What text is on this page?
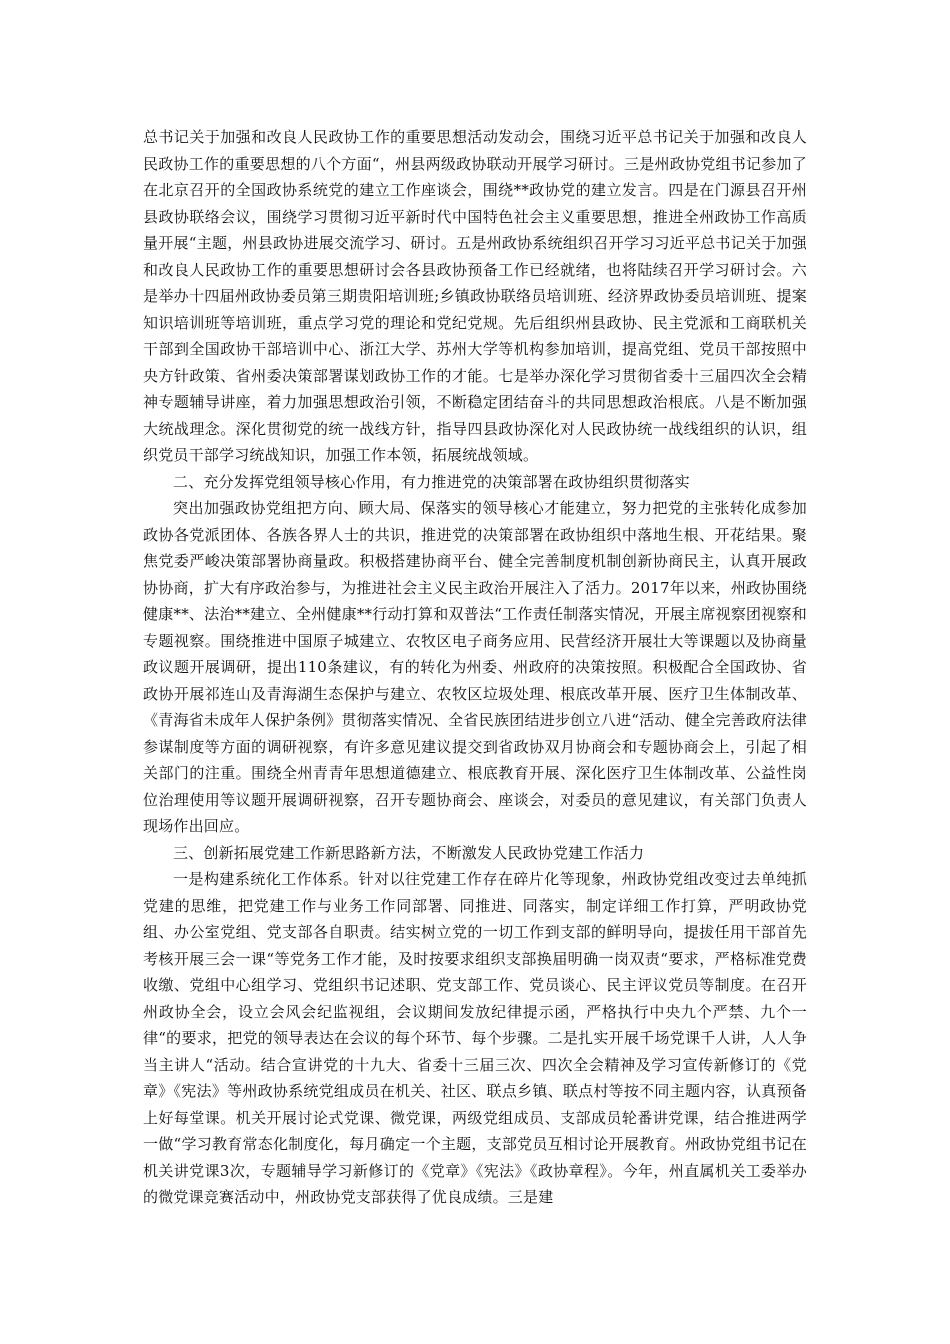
总书记关于加强和改良人民政协工作的重要思想活动发动会，围绕习近平总书记关于加强和改良人民政协工作的重要思想的八个方面“，州县两级政协联动开展学习研讨。三是州政协党组书记参加了在北京召开的全国政协系统党的建立工作座谈会，围绕**政协党的建立发言。四是在门源县召开州县政协联络会议，围绕学习贯彻习近平新时代中国特色社会主义重要思想，推进全州政协工作高质量开展“主题，州县政协进展交流学习、研讨。五是州政协系统组织召开学习习近平总书记关于加强和改良人民政协工作的重要思想研讨会各县政协预备工作已经就绪，也将陆续召开学习研讨会。六是举办十四届州政协委员第三期贵阳培训班;乡镇政协联络员培训班、经济界政协委员培训班、提案知识培训班等培训班，重点学习党的理论和党纪党规。先后组织州县政协、民主党派和工商联机关干部到全国政协干部培训中心、浙江大学、苏州大学等机构参加培训，提高党组、党员干部按照中央方针政策、省州委决策部署谋划政协工作的才能。七是举办深化学习贯彻省委十三届四次全会精神专题辅导讲座，着力加强思想政治引领，不断稳定团结奋斗的共同思想政治根底。八是不断加强大统战理念。深化贯彻党的统一战线方针，指导四县政协深化对人民政协统一战线组织的认识，组织党员干部学习统战知识，加强工作本领，拓展统战领域。

二、充分发挥党组领导核心作用，有力推进党的决策部署在政协组织贯彻落实

突出加强政协党组把方向、顾大局、保落实的领导核心才能建立，努力把党的主张转化成参加政协各党派团体、各族各界人士的共识，推进党的决策部署在政协组织中落地生根、开花结果。聚焦党委严峻决策部署协商量政。积极搭建协商平台、健全完善制度机制创新协商民主，认真开展政协协商，扩大有序政治参与，为推进社会主义民主政治开展注入了活力。2017年以来，州政协围绕健康**、法治**建立、全州健康**行动打算和双普法“工作责任制落实情况，开展主席视察团视察和专题视察。围绕推进中国原子城建立、农牧区电子商务应用、民营经济开展壮大等课题以及协商量政议题开展调研，提出110条建议，有的转化为州委、州政府的决策按照。积极配合全国政协、省政协开展祁连山及青海湖生态保护与建立、农牧区垃圾处理、根底改革开展、医疗卫生体制改革、《青海省未成年人保护条例》贯彻落实情况、全省民族团结进步创立八进“活动、健全完善政府法律参谋制度等方面的调研视察，有许多意见建议提交到省政协双月协商会和专题协商会上，引起了相关部门的注重。围绕全州青青年思想道德建立、根底教育开展、深化医疗卫生体制改革、公益性岗位治理使用等议题开展调研视察，召开专题协商会、座谈会，对委员的意见建议，有关部门负责人现场作出回应。

三、创新拓展党建工作新思路新方法，不断激发人民政协党建工作活力

一是构建系统化工作体系。针对以往党建工作存在碎片化等现象，州政协党组改变过去单纯抓党建的思维，把党建工作与业务工作同部署、同推进、同落实，制定详细工作打算，严明政协党组、办公室党组、党支部各自职责。结实树立党的一切工作到支部的鲜明导向，提拔任用干部首先考核开展三会一课“等党务工作才能，及时按要求组织支部换届明确一岗双责“要求，严格标准党费收缴、党组中心组学习、党组织书记述职、党支部工作、党员谈心、民主评议党员等制度。在召开州政协全会，设立会风会纪监视组，会议期间发放纪律提示函，严格执行中央九个严禁、九个一律“的要求，把党的领导表达在会议的每个环节、每个步骤。二是扎实开展千场党课千人讲，人人争当主讲人“活动。结合宣讲党的十九大、省委十三届三次、四次全会精神及学习宣传新修订的《党章》《宪法》等州政协系统党组成员在机关、社区、联点乡镇、联点村等按不同主题内容，认真预备上好每堂课。机关开展讨论式党课、微党课，两级党组成员、支部成员轮番讲党课，结合推进两学一做“学习教育常态化制度化，每月确定一个主题，支部党员互相讨论开展教育。州政协党组书记在机关讲党课3次，专题辅导学习新修订的《党章》《宪法》《政协章程》。今年，州直属机关工委举办的微党课竞赛活动中，州政协党支部获得了优良成绩。三是建
